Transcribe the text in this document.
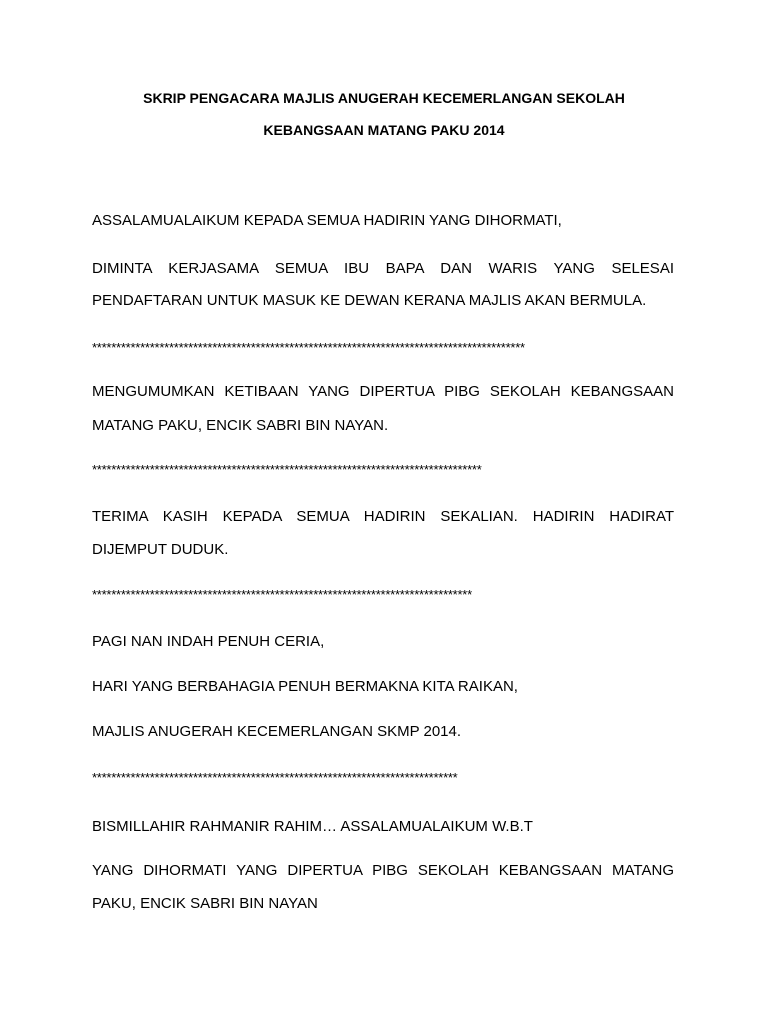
SKRIP PENGACARA MAJLIS ANUGERAH KECEMERLANGAN SEKOLAH
KEBANGSAAN MATANG PAKU 2014
ASSALAMUALAIKUM KEPADA SEMUA HADIRIN YANG DIHORMATI,
DIMINTA KERJASAMA SEMUA IBU BAPA DAN WARIS YANG SELESAI
PENDAFTARAN UNTUK MASUK KE DEWAN KERANA MAJLIS AKAN BERMULA.
******************************************************************************************
MENGUMUMKAN KETIBAAN YANG DIPERTUA PIBG SEKOLAH KEBANGSAAN
MATANG PAKU, ENCIK SABRI BIN NAYAN.
*********************************************************************************
TERIMA KASIH KEPADA SEMUA HADIRIN SEKALIAN. HADIRIN HADIRAT
DIJEMPUT DUDUK.
*******************************************************************************
PAGI NAN INDAH PENUH CERIA,
HARI YANG BERBAHAGIA PENUH BERMAKNA KITA RAIKAN,
MAJLIS ANUGERAH KECEMERLANGAN SKMP 2014.
****************************************************************************
BISMILLAHIR RAHMANIR RAHIM… ASSALAMUALAIKUM W.B.T
YANG DIHORMATI YANG DIPERTUA PIBG SEKOLAH KEBANGSAAN MATANG
PAKU, ENCIK SABRI BIN NAYAN
